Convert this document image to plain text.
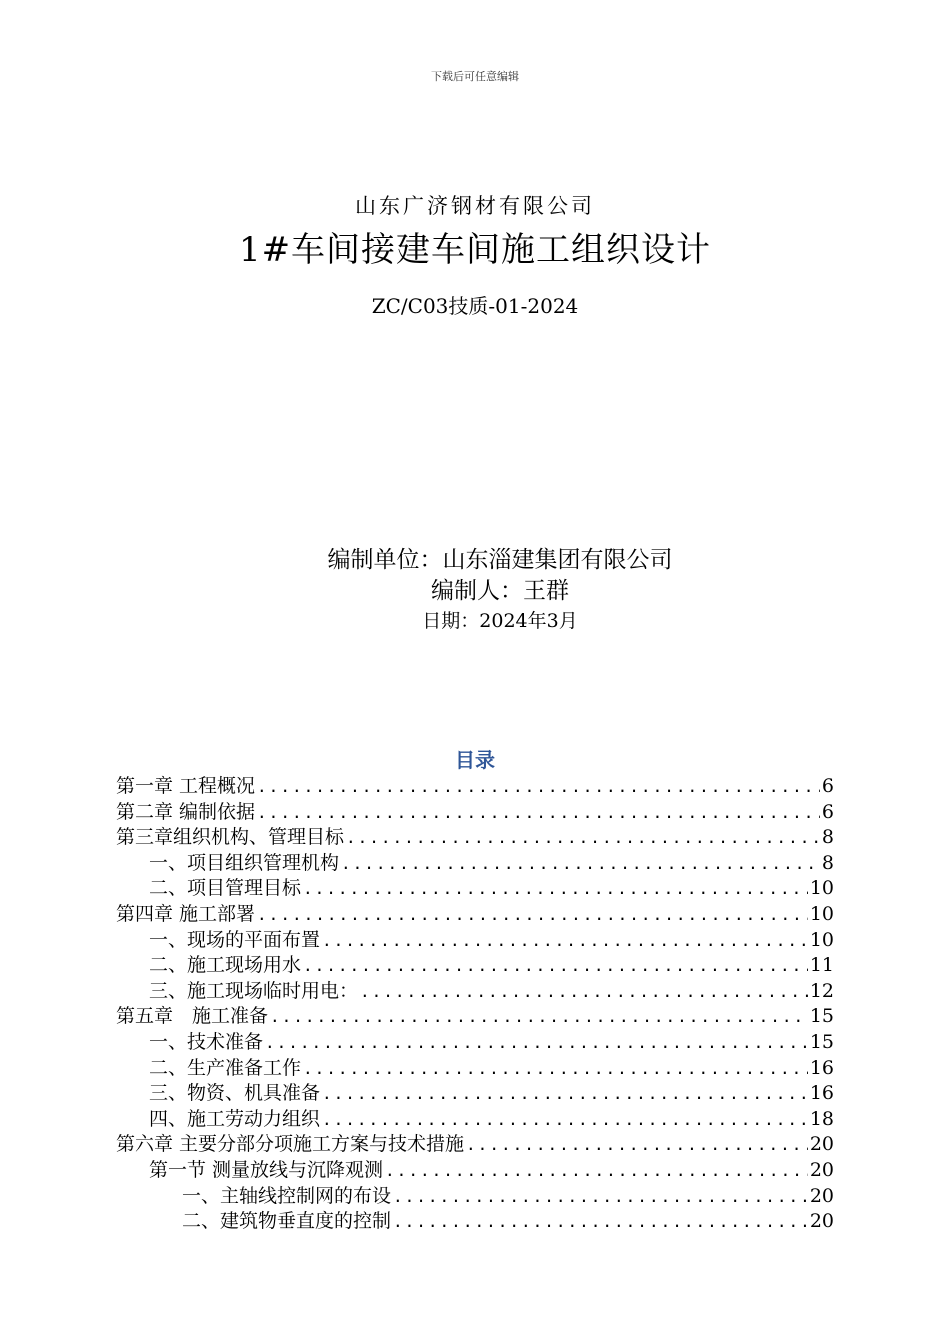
下载后可任意编辑
山东广济钢材有限公司
1#车间接建车间施工组织设计
ZC/C03技质-01-2024
编制单位：山东淄建集团有限公司
编制人：王群
日期：2024年3月
目录
第一章 工程概况 .....	6
第二章 编制依据 .....	6
第三章组织机构、管理目标 .....	8
一、项目组织管理机构 .....	8
二、项目管理目标 .....	10
第四章 施工部署 .....	10
一、现场的平面布置 .....	10
二、施工现场用水 .....	11
三、施工现场临时用电： .....	12
第五章　施工准备 .....	15
一、技术准备 .....	15
二、生产准备工作 .....	16
三、物资、机具准备 .....	16
四、施工劳动力组织 .....	18
第六章 主要分部分项施工方案与技术措施 .....	20
第一节 测量放线与沉降观测 .....	20
一、主轴线控制网的布设 .....	20
二、建筑物垂直度的控制 .....	20
